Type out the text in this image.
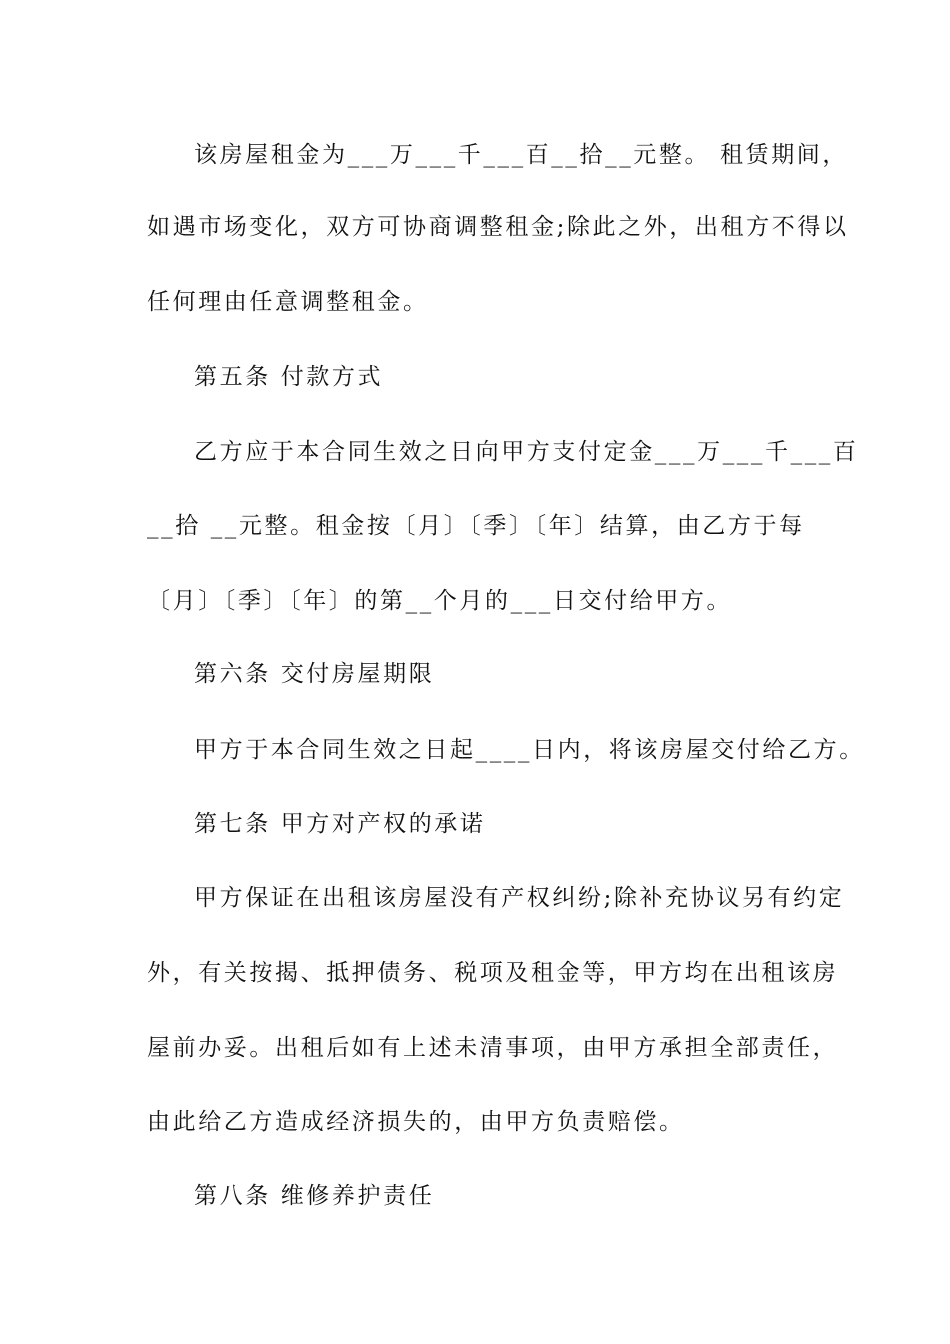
该房屋租金为___万___千___百__拾__元整。 租赁期间，
如遇市场变化，双方可协商调整租金;除此之外，出租方不得以
任何理由任意调整租金。
第五条 付款方式
乙方应于本合同生效之日向甲方支付定金___万___千___百
__拾 __元整。租金按〔月〕〔季〕〔年〕结算，由乙方于每
〔月〕〔季〕〔年〕的第__个月的___日交付给甲方。
第六条 交付房屋期限
甲方于本合同生效之日起____日内，将该房屋交付给乙方。
第七条 甲方对产权的承诺
甲方保证在出租该房屋没有产权纠纷;除补充协议另有约定
外，有关按揭、抵押债务、税项及租金等，甲方均在出租该房
屋前办妥。出租后如有上述未清事项，由甲方承担全部责任，
由此给乙方造成经济损失的，由甲方负责赔偿。
第八条 维修养护责任
